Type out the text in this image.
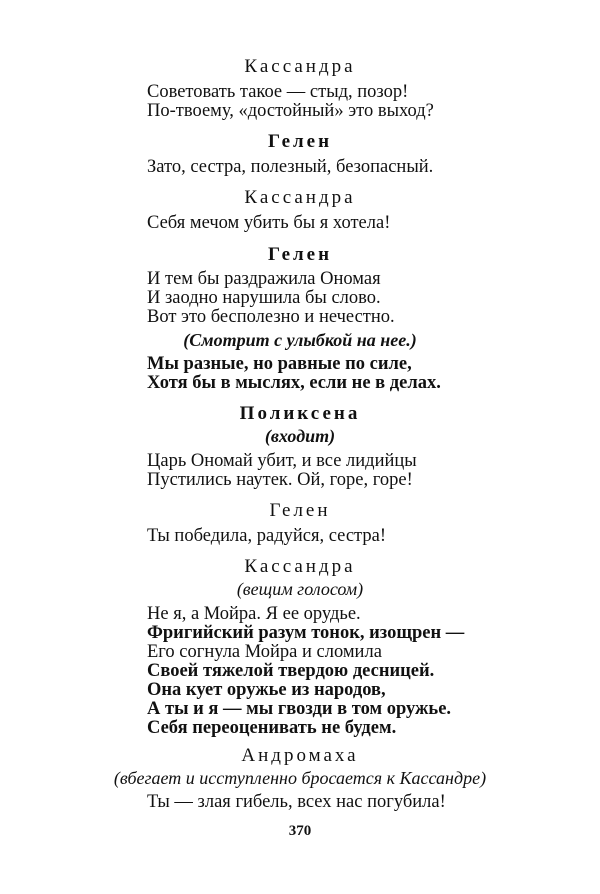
Кассандра
Советовать такое — стыд, позор!
По-твоему, «достойный» это выход?
Гелен
Зато, сестра, полезный, безопасный.
Кассандра
Себя мечом убить бы я хотела!
Гелен
И тем бы раздражила Ономая
И заодно нарушила бы слово.
Вот это бесполезно и нечестно.
(Смотрит с улыбкой на нее.)
Мы разные, но равные по силе,
Хотя бы в мыслях, если не в делах.
Поликсена
(входит)
Царь Ономай убит, и все лидийцы
Пустились наутек. Ой, горе, горе!
Гелен
Ты победила, радуйся, сестра!
Кассандра
(вещим голосом)
Не я, а Мойра. Я ее орудье.
Фригийский разум тонок, изощрен —
Его согнула Мойра и сломила
Своей тяжелой твердою десницей.
Она кует оружье из народов,
А ты и я — мы гвозди в том оружье.
Себя переоценивать не будем.
Андромаха
(вбегает и исступленно бросается к Кассандре)
Ты — злая гибель, всех нас погубила!
370
